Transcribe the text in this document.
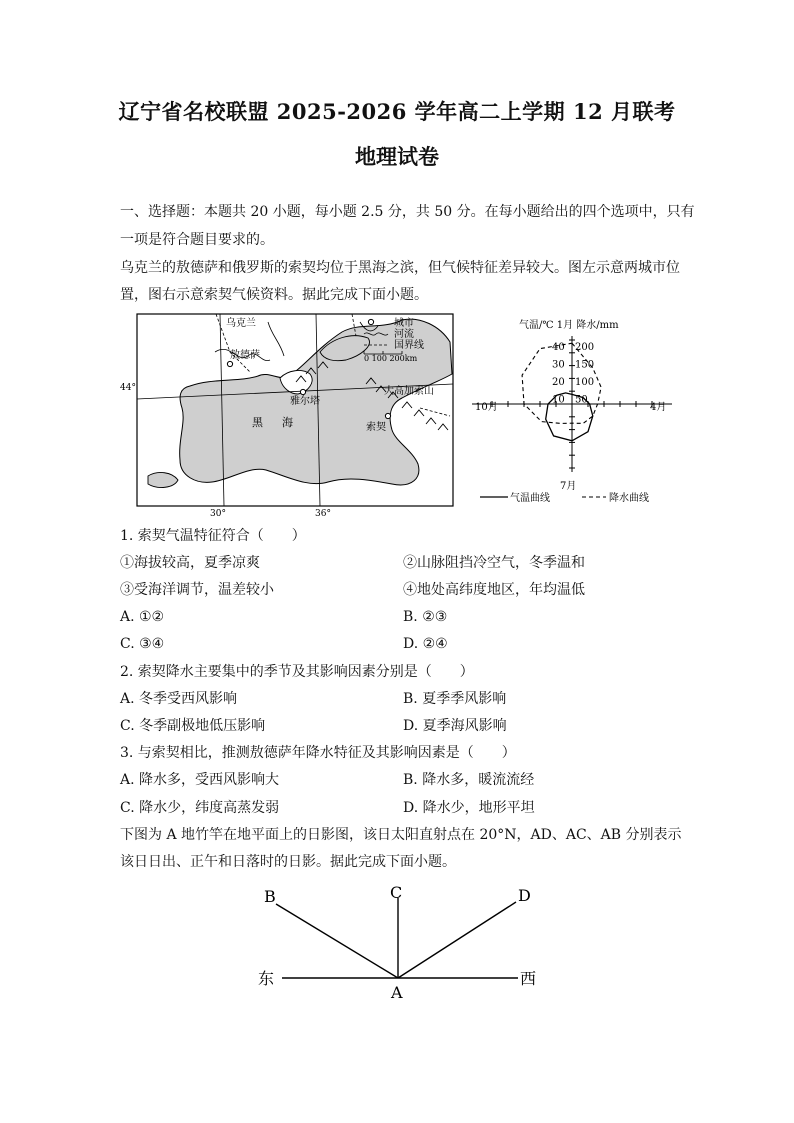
辽宁省名校联盟 2025-2026 学年高二上学期 12 月联考
地理试卷
一、选择题：本题共 20 小题，每小题 2.5 分，共 50 分。在每小题给出的四个选项中，只有
一项是符合题目要求的。
乌克兰的敖德萨和俄罗斯的索契均位于黑海之滨，但气候特征差异较大。图左示意两城市位
置，图右示意索契气候资料。据此完成下面小题。
乌克兰
敖德萨
雅尔塔
索契
黑 海
大高加索山
44°
30°	36°
城市
河流
国界线
0 100 200km
气温/℃ 1月 降水/mm
40 200
30 150
20 100
10 50
10月	4月
7月
气温曲线	降水曲线
1. 索契气温特征符合（　　）
①海拔较高，夏季凉爽	②山脉阻挡冷空气，冬季温和
③受海洋调节，温差较小	④地处高纬度地区，年均温低
A. ①②	B. ②③
C. ③④	D. ②④
2. 索契降水主要集中的季节及其影响因素分别是（　　）
A. 冬季受西风影响	B. 夏季季风影响
C. 冬季副极地低压影响	D. 夏季海风影响
3. 与索契相比，推测敖德萨年降水特征及其影响因素是（　　）
A. 降水多，受西风影响大	B. 降水多，暖流流经
C. 降水少，纬度高蒸发弱	D. 降水少，地形平坦
下图为 A 地竹竿在地平面上的日影图，该日太阳直射点在 20°N，AD、AC、AB 分别表示
该日日出、正午和日落时的日影。据此完成下面小题。
B	C	D
A
东	西
